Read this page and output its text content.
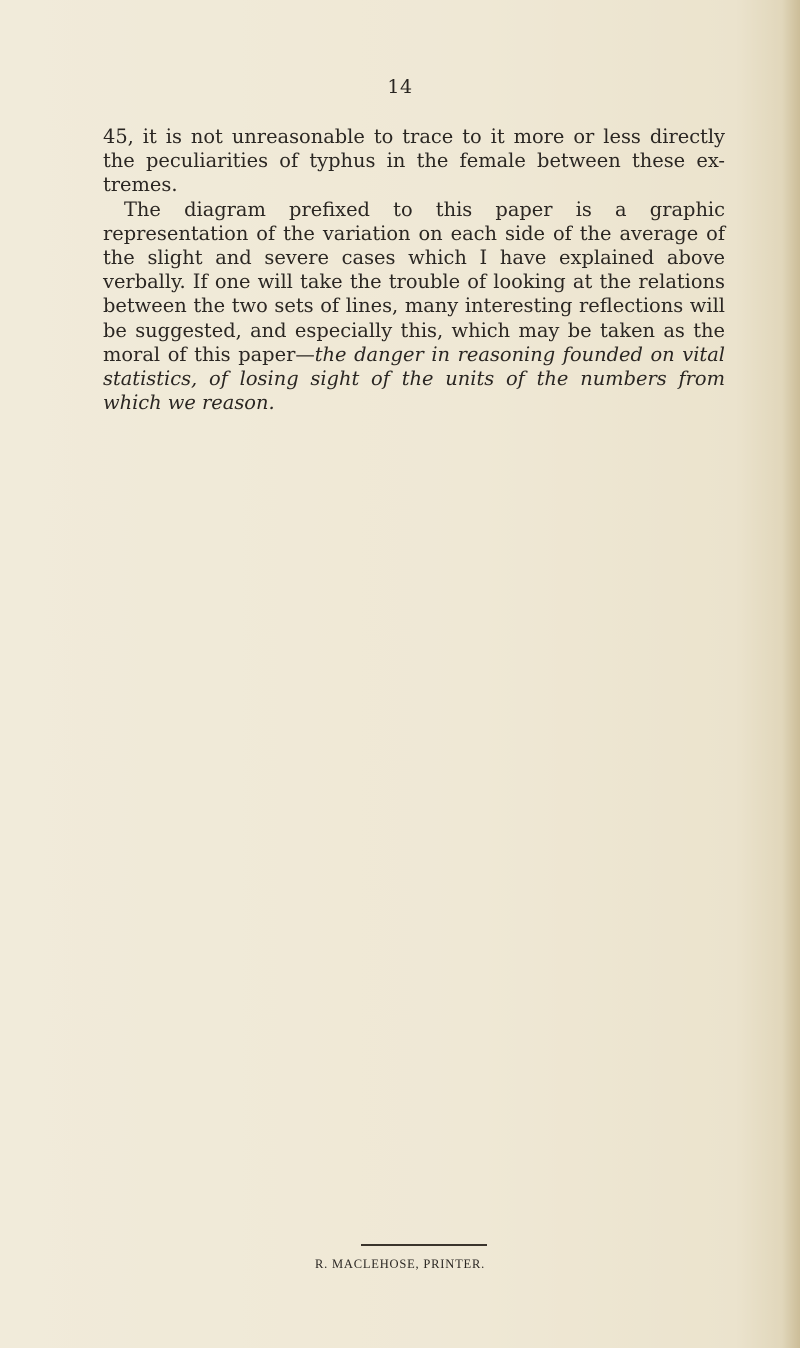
14

45, it is not unreasonable to trace to it more or less directly the peculiarities of typhus in the female between these ex- tremes.

The diagram prefixed to this paper is a graphic representation of the variation on each side of the average of the slight and severe cases which I have explained above verbally. If one will take the trouble of looking at the relations between the two sets of lines, many interesting reflections will be suggested, and especially this, which may be taken as the moral of this paper—the danger in reasoning founded on vital statistics, of losing sight of the units of the numbers from which we reason.

R. MACLEHOSE, PRINTER.
